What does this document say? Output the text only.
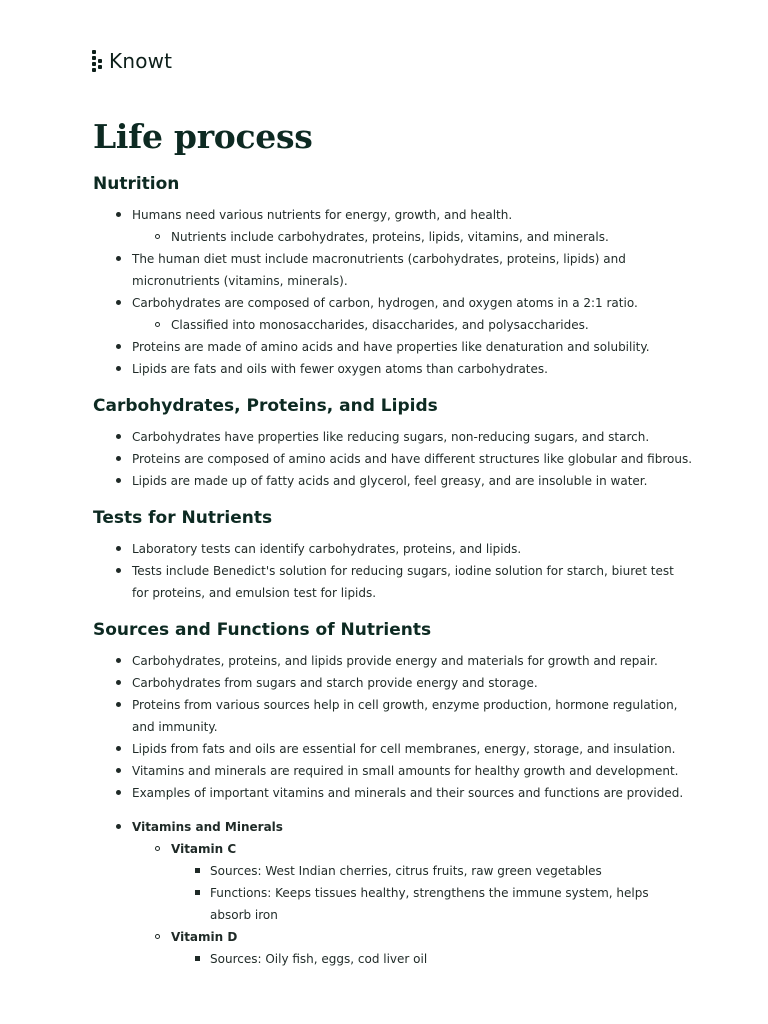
Knowt
Life process
Nutrition
Humans need various nutrients for energy, growth, and health.
Nutrients include carbohydrates, proteins, lipids, vitamins, and minerals.
The human diet must include macronutrients (carbohydrates, proteins, lipids) and micronutrients (vitamins, minerals).
Carbohydrates are composed of carbon, hydrogen, and oxygen atoms in a 2:1 ratio.
Classified into monosaccharides, disaccharides, and polysaccharides.
Proteins are made of amino acids and have properties like denaturation and solubility.
Lipids are fats and oils with fewer oxygen atoms than carbohydrates.
Carbohydrates, Proteins, and Lipids
Carbohydrates have properties like reducing sugars, non-reducing sugars, and starch.
Proteins are composed of amino acids and have different structures like globular and fibrous.
Lipids are made up of fatty acids and glycerol, feel greasy, and are insoluble in water.
Tests for Nutrients
Laboratory tests can identify carbohydrates, proteins, and lipids.
Tests include Benedict's solution for reducing sugars, iodine solution for starch, biuret test for proteins, and emulsion test for lipids.
Sources and Functions of Nutrients
Carbohydrates, proteins, and lipids provide energy and materials for growth and repair.
Carbohydrates from sugars and starch provide energy and storage.
Proteins from various sources help in cell growth, enzyme production, hormone regulation, and immunity.
Lipids from fats and oils are essential for cell membranes, energy, storage, and insulation.
Vitamins and minerals are required in small amounts for healthy growth and development.
Examples of important vitamins and minerals and their sources and functions are provided.
Vitamins and Minerals
Vitamin C
Sources: West Indian cherries, citrus fruits, raw green vegetables
Functions: Keeps tissues healthy, strengthens the immune system, helps absorb iron
Vitamin D
Sources: Oily fish, eggs, cod liver oil
